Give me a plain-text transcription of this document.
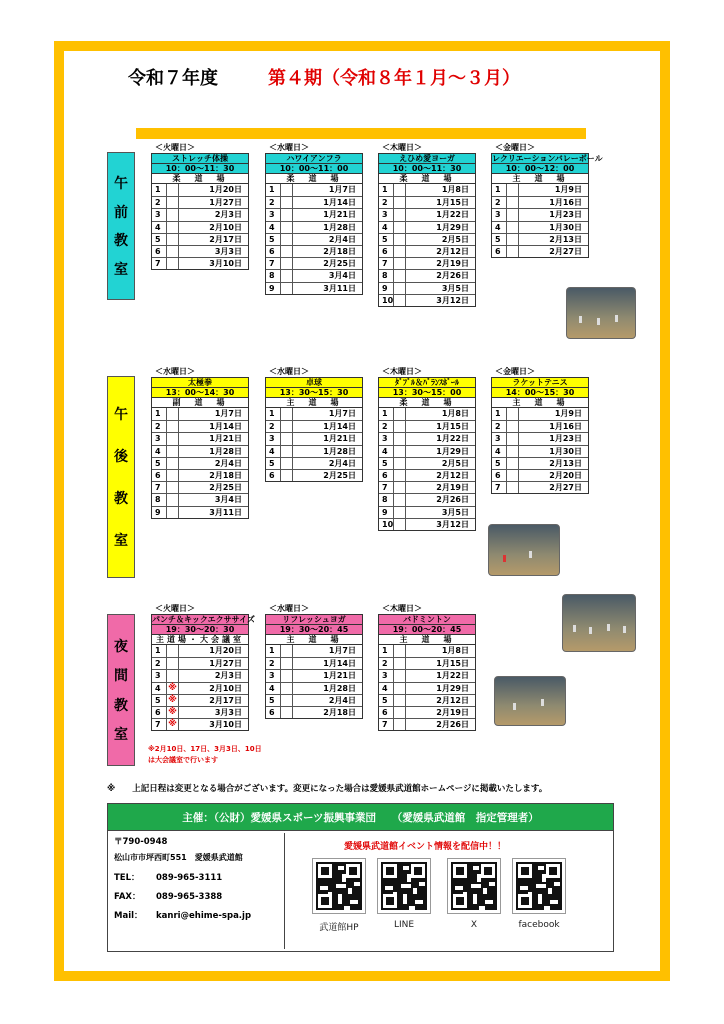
令和７年度	第４期（令和８年１月～３月）
午
前
教
室
午
後
教
室
夜
間
教
室
＜火曜日＞
ストレッチ体操
10：00～11：30
柔　道　場
1	1月20日
2	1月27日
3	2月3日
4	2月10日
5	2月17日
6	3月3日
7	3月10日
＜水曜日＞
ハワイアンフラ
10：00～11：00
柔　道　場
1	1月7日
2	1月14日
3	1月21日
4	1月28日
5	2月4日
6	2月18日
7	2月25日
8	3月4日
9	3月11日
＜木曜日＞
えひめ愛ヨーガ
10：00～11：30
柔　道　場
1	1月8日
2	1月15日
3	1月22日
4	1月29日
5	2月5日
6	2月12日
7	2月19日
8	2月26日
9	3月5日
10	3月12日
＜金曜日＞
レクリエーションバレーボール
10：00～12：00
主　道　場
1	1月9日
2	1月16日
3	1月23日
4	1月30日
5	2月13日
6	2月27日
＜水曜日＞
太極拳
13：00～14：30
副　道　場
1	1月7日
2	1月14日
3	1月21日
4	1月28日
5	2月4日
6	2月18日
7	2月25日
8	3月4日
9	3月11日
＜水曜日＞
卓球
13：30～15：30
主　道　場
1	1月7日
2	1月14日
3	1月21日
4	1月28日
5	2月4日
6	2月25日
＜木曜日＞
ﾀﾞﾌﾞﾙ＆ﾊﾞﾗﾝｽﾎﾞｰﾙ
13：30～15：00
柔　道　場
1	1月8日
2	1月15日
3	1月22日
4	1月29日
5	2月5日
6	2月12日
7	2月19日
8	2月26日
9	3月5日
10	3月12日
＜金曜日＞
ラケットテニス
14：00～15：30
主　道　場
1	1月9日
2	1月16日
3	1月23日
4	1月30日
5	2月13日
6	2月20日
7	2月27日
＜火曜日＞
パンチ＆キックエクササイズ
19：30～20：30
主道場・大会議室
1	1月20日
2	1月27日
3	2月3日
4 ※	2月10日
5 ※	2月17日
6 ※	3月3日
7 ※	3月10日
＜水曜日＞
リフレッシュヨガ
19：30～20：45
主　道　場
1	1月7日
2	1月14日
3	1月21日
4	1月28日
5	2月4日
6	2月18日
＜木曜日＞
バドミントン
19：00～20：45
主　道　場
1	1月8日
2	1月15日
3	1月22日
4	1月29日
5	2月12日
6	2月19日
7	2月26日
※2月10日、17日、3月3日、10日は大会議室で行います
※　　上記日程は変更となる場合がございます。変更になった場合は愛媛県武道館ホームページに掲載いたします。
主催：（公財）愛媛県スポーツ振興事業団　　（愛媛県武道館　指定管理者）
〒790-0948
松山市市坪西町551　愛媛県武道館
TEL：	089-965-3111
FAX：	089-965-3388
Mail：	kanri@ehime-spa.jp
愛媛県武道館イベント情報を配信中！！
武道館HP	LINE	X	facebook
